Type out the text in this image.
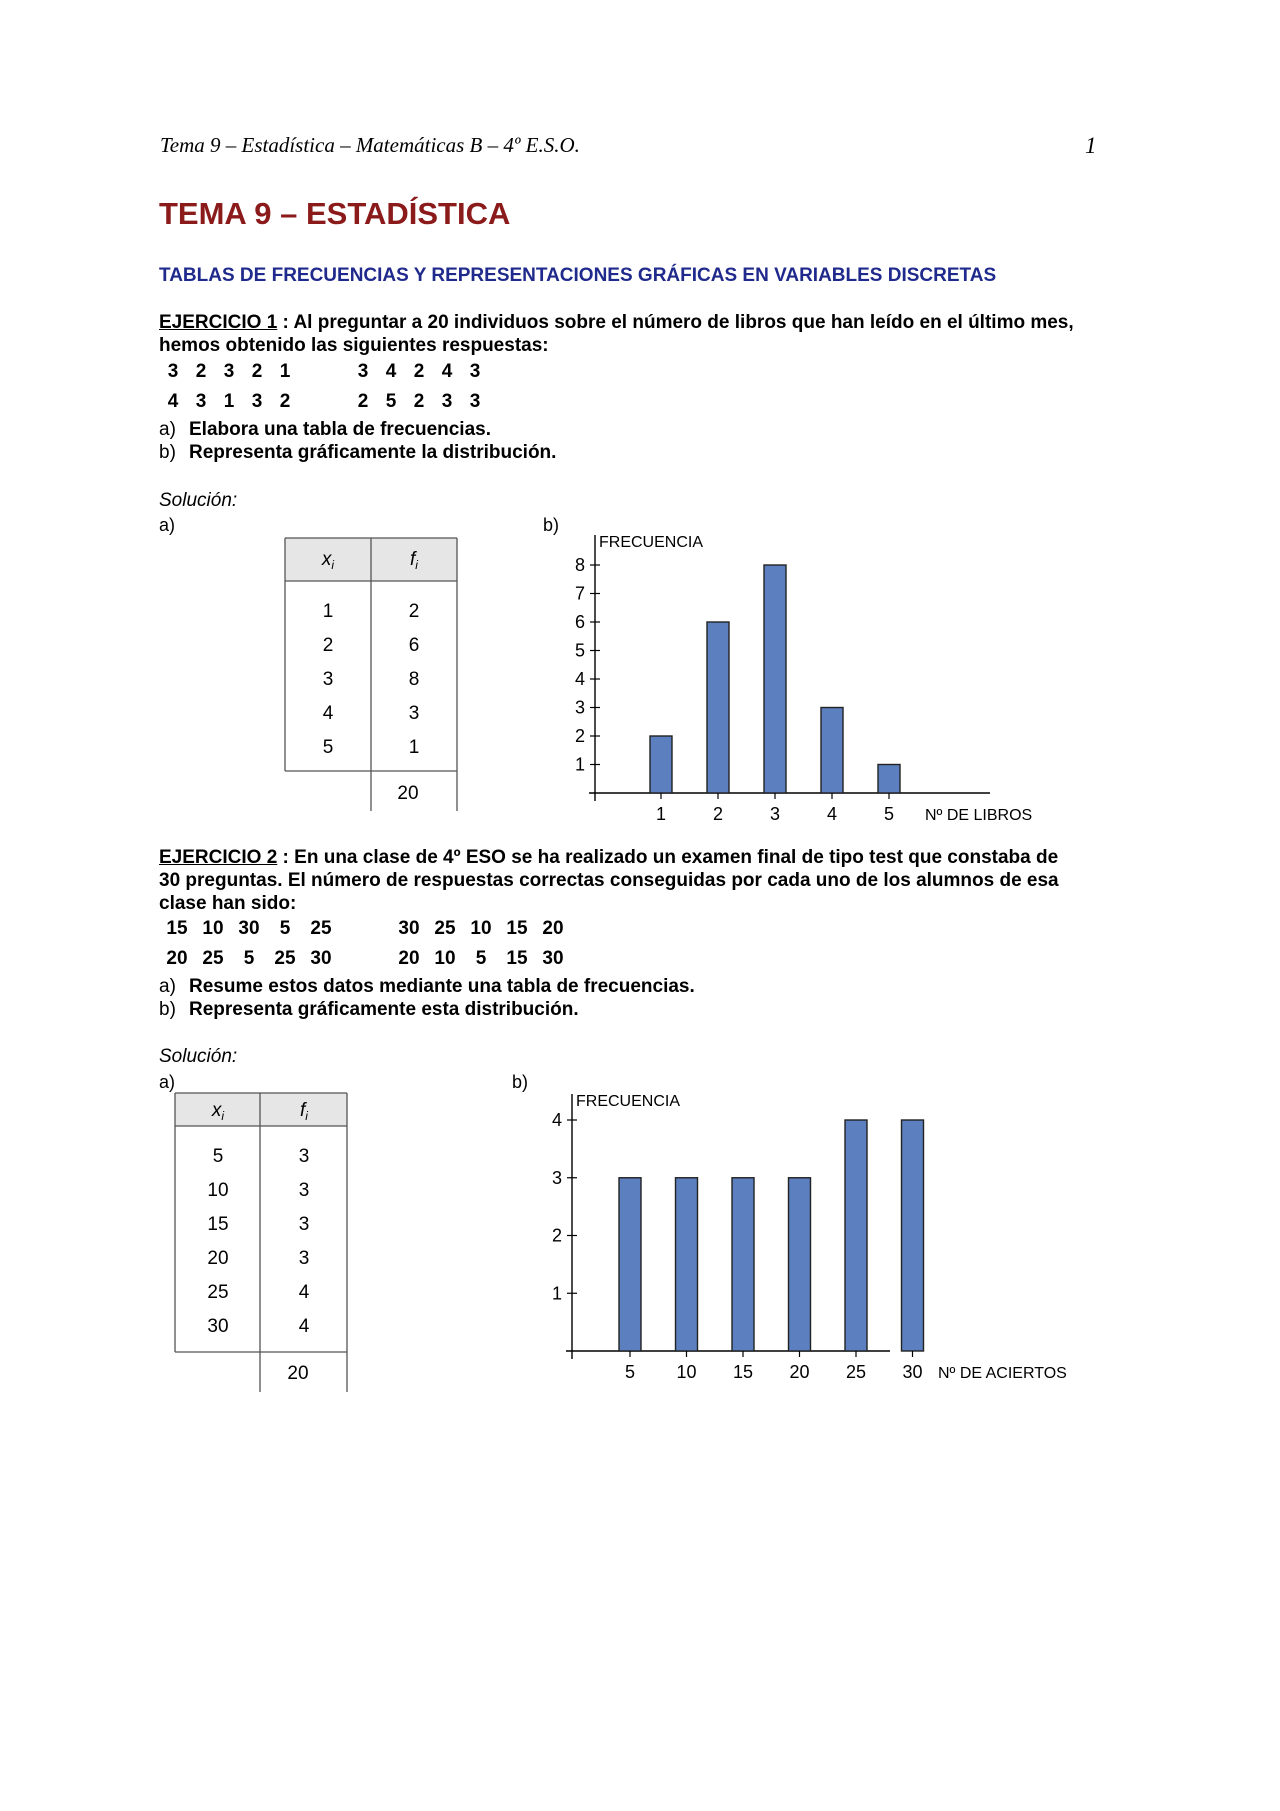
Tema 9 – Estadística – Matemáticas B – 4º E.S.O.	1
TEMA 9 – ESTADÍSTICA
TABLAS DE FRECUENCIAS Y REPRESENTACIONES GRÁFICAS EN VARIABLES DISCRETAS
EJERCICIO 1 : Al preguntar a 20 individuos sobre el número de libros que han leído en el último mes,
hemos obtenido las siguientes respuestas:
3 2 3 2 1	3 4 2 4 3
4 3 1 3 2	2 5 2 3 3
a) Elabora una tabla de frecuencias.
b) Representa gráficamente la distribución.
Solución:
a)	b)
$x_i$	$f_i$
1	2
2	6
3	8
4	3
5	1
20
FRECUENCIA
1
2
3
4
5
6
7
8
1	2	3	4	5 Nº DE LIBROS
EJERCICIO 2 : En una clase de 4º ESO se ha realizado un examen final de tipo test que constaba de
30 preguntas. El número de respuestas correctas conseguidas por cada uno de los alumnos de esa
clase han sido:
15 10 30	5	25	30 25 10 15 20
20 25	5	25 30	20 10	5	15 30
a) Resume estos datos mediante una tabla de frecuencias.
b) Representa gráficamente esta distribución.
Solución:
a)	b)
$x_i$	$f_i$
5	3
10	3
15	3
20	3
25	4
30	4
20
FRECUENCIA
1
2
3
4
5 10 15 20 25 30 Nº DE ACIERTOS
